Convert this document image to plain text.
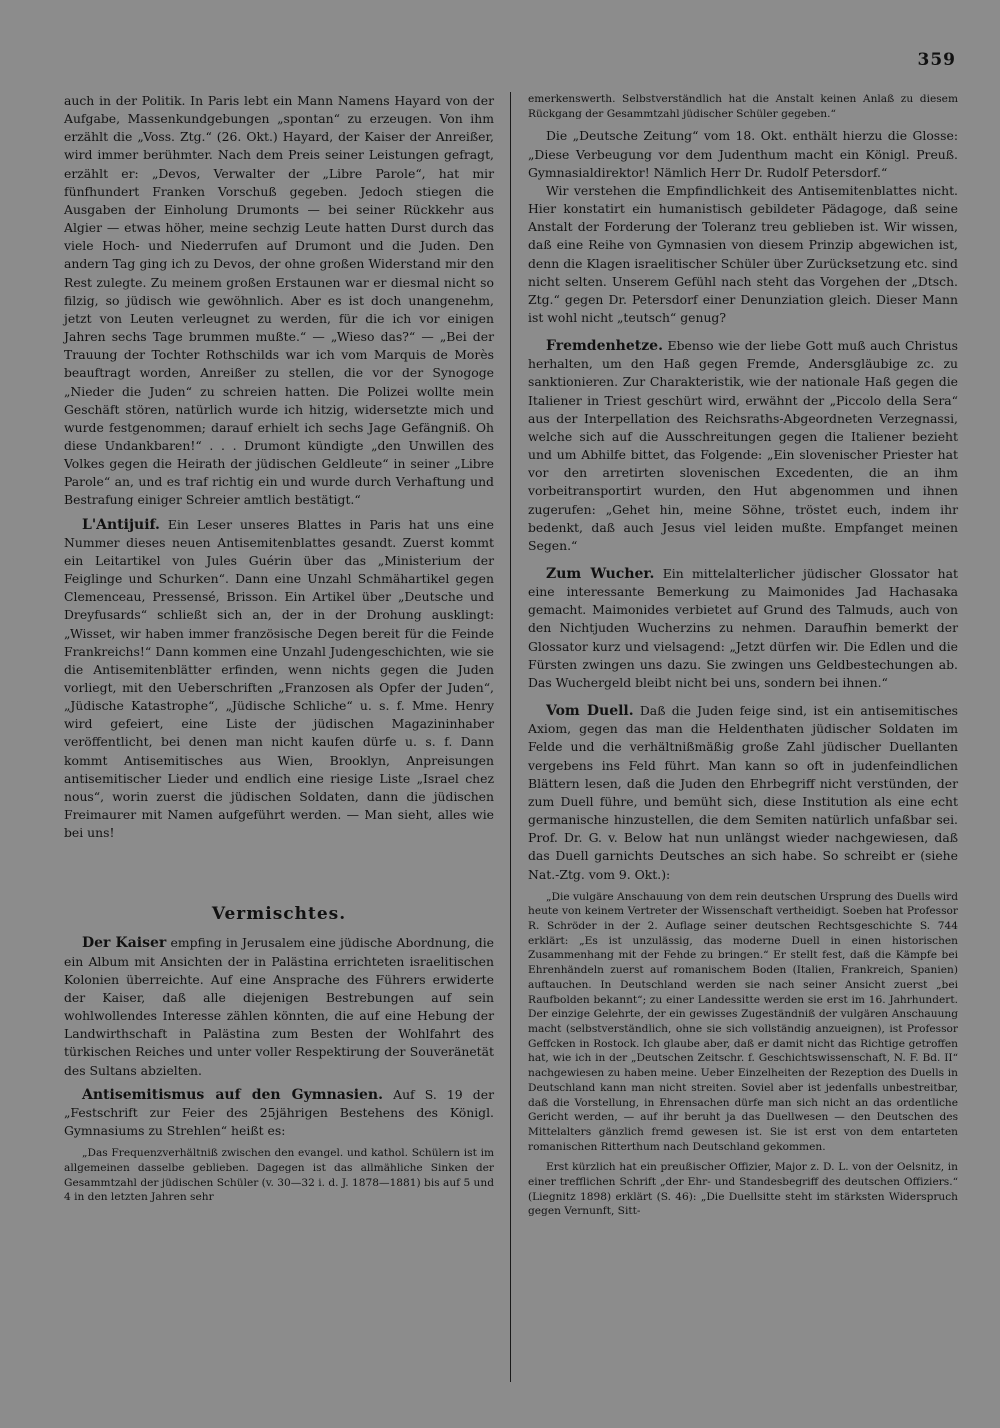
359

auch in der Politik. In Paris lebt ein Mann Namens Hayard von der Aufgabe, Massenkundgebungen „spontan“ zu erzeugen. Von ihm erzählt die „Voss. Ztg.“ (26. Okt.) Hayard, der Kaiser der Anreißer, wird immer berühmter. Nach dem Preis seiner Leistungen gefragt, erzählt er: „Devos, Verwalter der „Libre Parole“, hat mir fünfhundert Franken Vorschuß gegeben. Jedoch stiegen die Ausgaben der Einholung Drumonts — bei seiner Rückkehr aus Algier — etwas höher, meine sechzig Leute hatten Durst durch das viele Hoch- und Niederrufen auf Drumont und die Juden. Den andern Tag ging ich zu Devos, der ohne großen Widerstand mir den Rest zulegte. Zu meinem großen Erstaunen war er diesmal nicht so filzig, so jüdisch wie gewöhnlich. Aber es ist doch unangenehm, jetzt von Leuten verleugnet zu werden, für die ich vor einigen Jahren sechs Tage brummen mußte.“ — „Wieso das?“ — „Bei der Trauung der Tochter Rothschilds war ich vom Marquis de Morès beauftragt worden, Anreißer zu stellen, die vor der Synogoge „Nieder die Juden“ zu schreien hatten. Die Polizei wollte mein Geschäft stören, natürlich wurde ich hitzig, widersetzte mich und wurde festgenommen; darauf erhielt ich sechs Jage Gefängniß. Oh diese Undankbaren!“ . . . Drumont kündigte „den Unwillen des Volkes gegen die Heirath der jüdischen Geldleute“ in seiner „Libre Parole“ an, und es traf richtig ein und wurde durch Verhaftung und Bestrafung einiger Schreier amtlich bestätigt.“

L'Antijuif. Ein Leser unseres Blattes in Paris hat uns eine Nummer dieses neuen Antisemitenblattes gesandt. Zuerst kommt ein Leitartikel von Jules Guérin über das „Ministerium der Feiglinge und Schurken“. Dann eine Unzahl Schmähartikel gegen Clemenceau, Pressensé, Brisson. Ein Artikel über „Deutsche und Dreyfusards“ schließt sich an, der in der Drohung ausklingt: „Wisset, wir haben immer französische Degen bereit für die Feinde Frankreichs!“ Dann kommen eine Unzahl Judengeschichten, wie sie die Antisemitenblätter erfinden, wenn nichts gegen die Juden vorliegt, mit den Ueberschriften „Franzosen als Opfer der Juden“, „Jüdische Katastrophe“, „Jüdische Schliche“ u. s. f. Mme. Henry wird gefeiert, eine Liste der jüdischen Magazininhaber veröffentlicht, bei denen man nicht kaufen dürfe u. s. f. Dann kommt Antisemitisches aus Wien, Brooklyn, Anpreisungen antisemitischer Lieder und endlich eine riesige Liste „Israel chez nous“, worin zuerst die jüdischen Soldaten, dann die jüdischen Freimaurer mit Namen aufgeführt werden. — Man sieht, alles wie bei uns!

Vermischtes.

Der Kaiser empfing in Jerusalem eine jüdische Abordnung, die ein Album mit Ansichten der in Palästina errichteten israelitischen Kolonien überreichte. Auf eine Ansprache des Führers erwiderte der Kaiser, daß alle diejenigen Bestrebungen auf sein wohlwollendes Interesse zählen könnten, die auf eine Hebung der Landwirthschaft in Palästina zum Besten der Wohlfahrt des türkischen Reiches und unter voller Respektirung der Souveränetät des Sultans abzielten.

Antisemitismus auf den Gymnasien. Auf S. 19 der „Festschrift zur Feier des 25jährigen Bestehens des Königl. Gymnasiums zu Strehlen“ heißt es:

„Das Frequenzverhältniß zwischen den evangel. und kathol. Schülern ist im allgemeinen dasselbe geblieben. Dagegen ist das allmähliche Sinken der Gesammtzahl der jüdischen Schüler (v. 30—32 i. d. J. 1878—1881) bis auf 5 und 4 in den letzten Jahren sehr

emerkenswerth. Selbstverständlich hat die Anstalt keinen Anlaß zu diesem Rückgang der Gesammtzahl jüdischer Schüler gegeben.“

Die „Deutsche Zeitung“ vom 18. Okt. enthält hierzu die Glosse: „Diese Verbeugung vor dem Judenthum macht ein Königl. Preuß. Gymnasialdirektor! Nämlich Herr Dr. Rudolf Petersdorf.“

Wir verstehen die Empfindlichkeit des Antisemitenblattes nicht. Hier konstatirt ein humanistisch gebildeter Pädagoge, daß seine Anstalt der Forderung der Toleranz treu geblieben ist. Wir wissen, daß eine Reihe von Gymnasien von diesem Prinzip abgewichen ist, denn die Klagen israelitischer Schüler über Zurücksetzung etc. sind nicht selten. Unserem Gefühl nach steht das Vorgehen der „Dtsch. Ztg.“ gegen Dr. Petersdorf einer Denunziation gleich. Dieser Mann ist wohl nicht „teutsch“ genug?

Fremdenhetze. Ebenso wie der liebe Gott muß auch Christus herhalten, um den Haß gegen Fremde, Andersgläubige zc. zu sanktionieren. Zur Charakteristik, wie der nationale Haß gegen die Italiener in Triest geschürt wird, erwähnt der „Piccolo della Sera“ aus der Interpellation des Reichsraths-Abgeordneten Verzegnassi, welche sich auf die Ausschreitungen gegen die Italiener bezieht und um Abhilfe bittet, das Folgende: „Ein slovenischer Priester hat vor den arretirten slovenischen Excedenten, die an ihm vorbeitransportirt wurden, den Hut abgenommen und ihnen zugerufen: „Gehet hin, meine Söhne, tröstet euch, indem ihr bedenkt, daß auch Jesus viel leiden mußte. Empfanget meinen Segen.“

Zum Wucher. Ein mittelalterlicher jüdischer Glossator hat eine interessante Bemerkung zu Maimonides Jad Hachasaka gemacht. Maimonides verbietet auf Grund des Talmuds, auch von den Nichtjuden Wucherzins zu nehmen. Daraufhin bemerkt der Glossator kurz und vielsagend: „Jetzt dürfen wir. Die Edlen und die Fürsten zwingen uns dazu. Sie zwingen uns Geldbestechungen ab. Das Wuchergeld bleibt nicht bei uns, sondern bei ihnen.“

Vom Duell. Daß die Juden feige sind, ist ein antisemitisches Axiom, gegen das man die Heldenthaten jüdischer Soldaten im Felde und die verhältnißmäßig große Zahl jüdischer Duellanten vergebens ins Feld führt. Man kann so oft in judenfeindlichen Blättern lesen, daß die Juden den Ehrbegriff nicht verstünden, der zum Duell führe, und bemüht sich, diese Institution als eine echt germanische hinzustellen, die dem Semiten natürlich unfaßbar sei. Prof. Dr. G. v. Below hat nun unlängst wieder nachgewiesen, daß das Duell garnichts Deutsches an sich habe. So schreibt er (siehe Nat.-Ztg. vom 9. Okt.):

„Die vulgäre Anschauung von dem rein deutschen Ursprung des Duells wird heute von keinem Vertreter der Wissenschaft vertheidigt. Soeben hat Professor R. Schröder in der 2. Auflage seiner deutschen Rechtsgeschichte S. 744 erklärt: „Es ist unzulässig, das moderne Duell in einen historischen Zusammenhang mit der Fehde zu bringen.“ Er stellt fest, daß die Kämpfe bei Ehrenhändeln zuerst auf romanischem Boden (Italien, Frankreich, Spanien) auftauchen. In Deutschland werden sie nach seiner Ansicht zuerst „bei Raufbolden bekannt“; zu einer Landessitte werden sie erst im 16. Jahrhundert. Der einzige Gelehrte, der ein gewisses Zugeständniß der vulgären Anschauung macht (selbstverständlich, ohne sie sich vollständig anzueignen), ist Professor Geffcken in Rostock. Ich glaube aber, daß er damit nicht das Richtige getroffen hat, wie ich in der „Deutschen Zeitschr. f. Geschichtswissenschaft, N. F. Bd. II“ nachgewiesen zu haben meine. Ueber Einzelheiten der Rezeption des Duells in Deutschland kann man nicht streiten. Soviel aber ist jedenfalls unbestreitbar, daß die Vorstellung, in Ehrensachen dürfe man sich nicht an das ordentliche Gericht werden, — auf ihr beruht ja das Duellwesen — den Deutschen des Mittelalters gänzlich fremd gewesen ist. Sie ist erst von dem entarteten romanischen Ritterthum nach Deutschland gekommen.

Erst kürzlich hat ein preußischer Offizier, Major z. D. L. von der Oelsnitz, in einer trefflichen Schrift „der Ehr- und Standesbegriff des deutschen Offiziers.“ (Liegnitz 1898) erklärt (S. 46): „Die Duellsitte steht im stärksten Widerspruch gegen Vernunft, Sitt-
